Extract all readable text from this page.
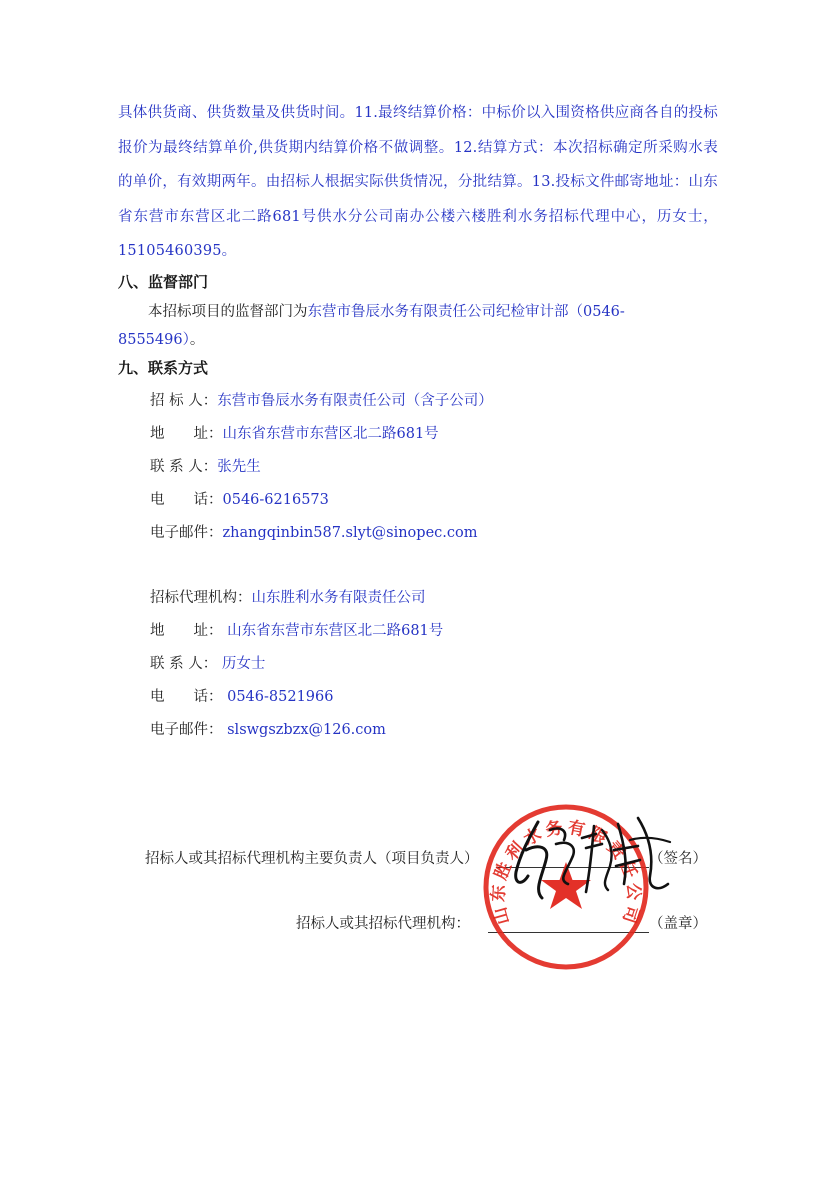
具体供货商、供货数量及供货时间。11.最终结算价格：中标价以入围资格供应商各自的投标报价为最终结算单价,供货期内结算价格不做调整。12.结算方式：本次招标确定所采购水表的单价，有效期两年。由招标人根据实际供货情况，分批结算。13.投标文件邮寄地址：山东省东营市东营区北二路681号供水分公司南办公楼六楼胜利水务招标代理中心，历女士，15105460395。
八、监督部门
本招标项目的监督部门为东营市鲁辰水务有限责任公司纪检审计部（0546-8555496）。
九、联系方式
招 标 人：东营市鲁辰水务有限责任公司（含子公司）
地　　址：山东省东营市东营区北二路681号
联 系 人：张先生
电　　话：0546-6216573
电子邮件：zhangqinbin587.slyt@sinopec.com
招标代理机构：山东胜利水务有限责任公司
地　　址： 山东省东营市东营区北二路681号
联 系 人： 历女士
电　　话： 0546-8521966
电子邮件： slswgszbzx@126.com
招标人或其招标代理机构主要负责人（项目负责人）	（签名）
招标人或其招标代理机构：	（盖章）
山东胜利水务有限责任公司
